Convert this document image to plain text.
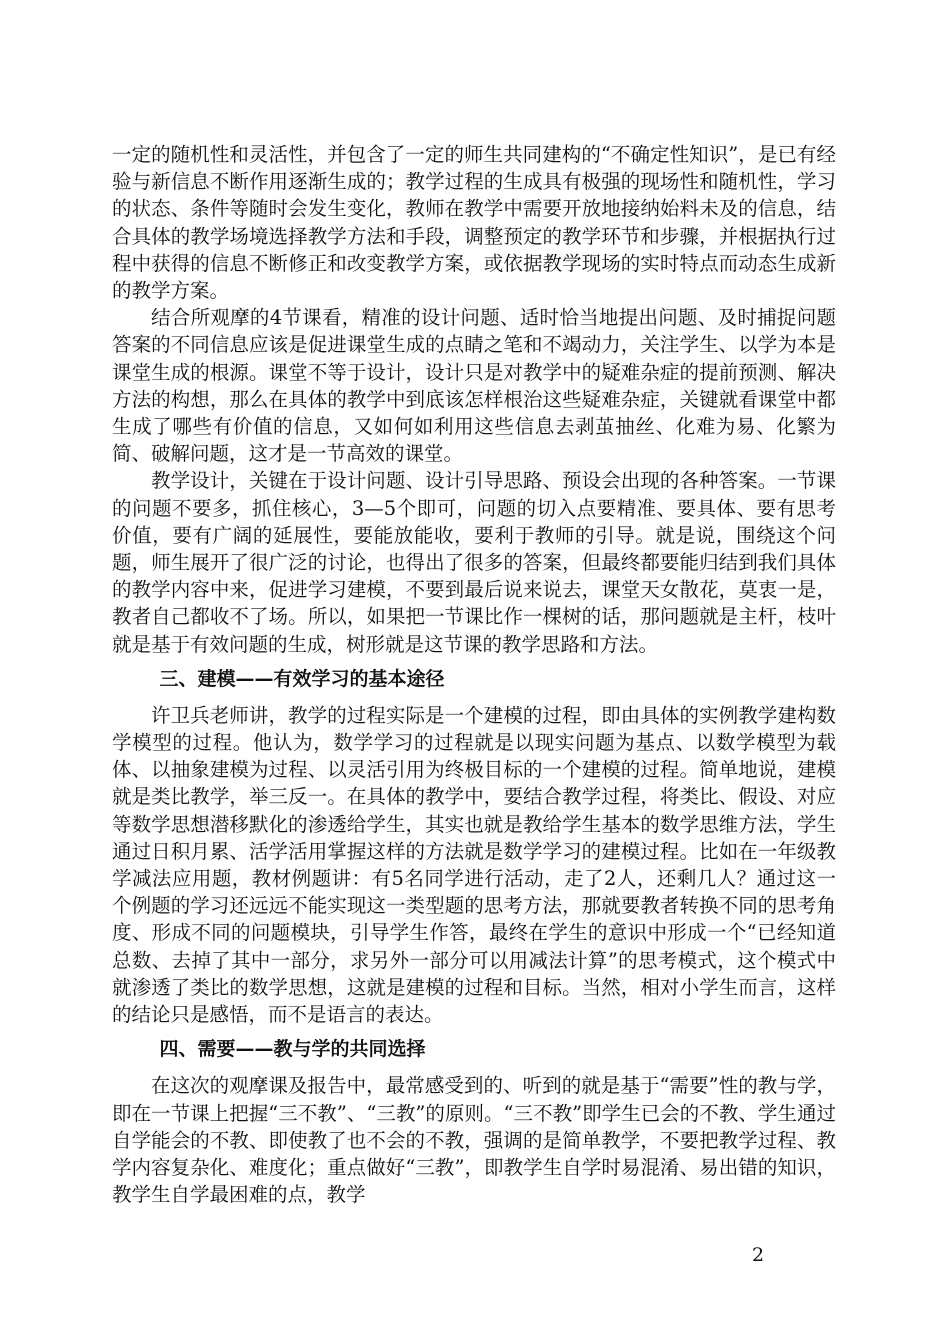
一定的随机性和灵活性，并包含了一定的师生共同建构的“不确定性知识”，是已有经验与新信息不断作用逐渐生成的；教学过程的生成具有极强的现场性和随机性，学习的状态、条件等随时会发生变化，教师在教学中需要开放地接纳始料未及的信息，结合具体的教学场境选择教学方法和手段，调整预定的教学环节和步骤，并根据执行过程中获得的信息不断修正和改变教学方案，或依据教学现场的实时特点而动态生成新的教学方案。

结合所观摩的4节课看，精准的设计问题、适时恰当地提出问题、及时捕捉问题答案的不同信息应该是促进课堂生成的点睛之笔和不竭动力，关注学生、以学为本是课堂生成的根源。课堂不等于设计，设计只是对教学中的疑难杂症的提前预测、解决方法的构想，那么在具体的教学中到底该怎样根治这些疑难杂症，关键就看课堂中都生成了哪些有价值的信息，又如何如利用这些信息去剥茧抽丝、化难为易、化繁为简、破解问题，这才是一节高效的课堂。

教学设计，关键在于设计问题、设计引导思路、预设会出现的各种答案。一节课的问题不要多，抓住核心，3—5个即可，问题的切入点要精准、要具体、要有思考价值，要有广阔的延展性，要能放能收，要利于教师的引导。就是说，围绕这个问题，师生展开了很广泛的讨论，也得出了很多的答案，但最终都要能归结到我们具体的教学内容中来，促进学习建模，不要到最后说来说去，课堂天女散花，莫衷一是，教者自己都收不了场。所以，如果把一节课比作一棵树的话，那问题就是主杆，枝叶就是基于有效问题的生成，树形就是这节课的教学思路和方法。

三、建模——有效学习的基本途径

许卫兵老师讲，教学的过程实际是一个建模的过程，即由具体的实例教学建构数学模型的过程。他认为，数学学习的过程就是以现实问题为基点、以数学模型为载体、以抽象建模为过程、以灵活引用为终极目标的一个建模的过程。简单地说，建模就是类比教学，举三反一。在具体的教学中，要结合教学过程，将类比、假设、对应等数学思想潜移默化的渗透给学生，其实也就是教给学生基本的数学思维方法，学生通过日积月累、活学活用掌握这样的方法就是数学学习的建模过程。比如在一年级教学减法应用题，教材例题讲：有5名同学进行活动，走了2人，还剩几人？通过这一个例题的学习还远远不能实现这一类型题的思考方法，那就要教者转换不同的思考角度、形成不同的问题模块，引导学生作答，最终在学生的意识中形成一个“已经知道总数、去掉了其中一部分，求另外一部分可以用减法计算”的思考模式，这个模式中就渗透了类比的数学思想，这就是建模的过程和目标。当然，相对小学生而言，这样的结论只是感悟，而不是语言的表达。

四、需要——教与学的共同选择

在这次的观摩课及报告中，最常感受到的、听到的就是基于“需要”性的教与学，即在一节课上把握“三不教”、“三教”的原则。“三不教”即学生已会的不教、学生通过自学能会的不教、即使教了也不会的不教，强调的是简单教学，不要把教学过程、教学内容复杂化、难度化；重点做好“三教”，即教学生自学时易混淆、易出错的知识，教学生自学最困难的点，教学

2
